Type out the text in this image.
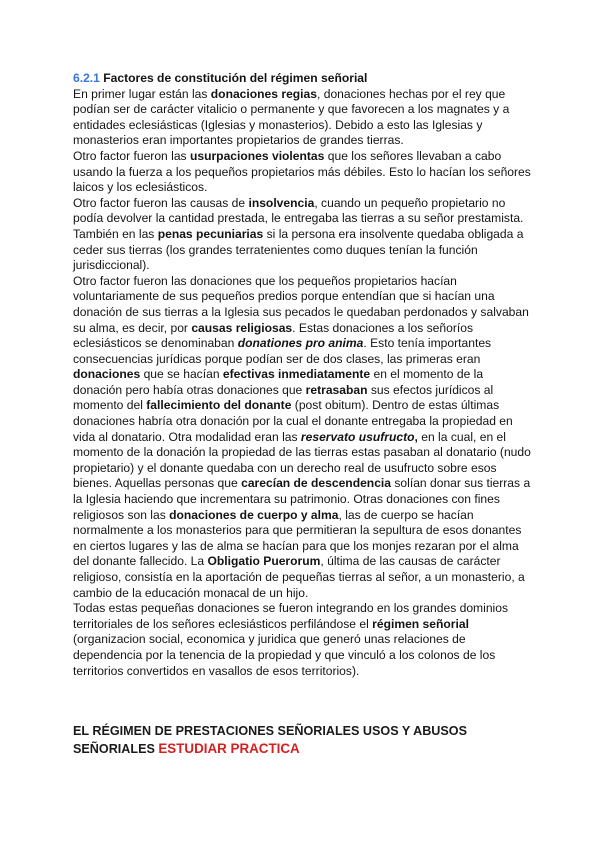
6.2.1 Factores de constitución del régimen señorial

En primer lugar están las donaciones regias, donaciones hechas por el rey que podían ser de carácter vitalicio o permanente y que favorecen a los magnates y a entidades eclesiásticas (Iglesias y monasterios). Debido a esto las Iglesias y monasterios eran importantes propietarios de grandes tierras.

Otro factor fueron las usurpaciones violentas que los señores llevaban a cabo usando la fuerza a los pequeños propietarios más débiles. Esto lo hacían los señores laicos y los eclesiásticos.

Otro factor fueron las causas de insolvencia, cuando un pequeño propietario no podía devolver la cantidad prestada, le entregaba las tierras a su señor prestamista. También en las penas pecuniarias si la persona era insolvente quedaba obligada a ceder sus tierras (los grandes terratenientes como duques tenían la función jurisdiccional).

Otro factor fueron las donaciones que los pequeños propietarios hacían voluntariamente de sus pequeños predios porque entendían que si hacían una donación de sus tierras a la Iglesia sus pecados le quedaban perdonados y salvaban su alma, es decir, por causas religiosas. Estas donaciones a los señoríos eclesiásticos se denominaban donationes pro anima. Esto tenía importantes consecuencias jurídicas porque podían ser de dos clases, las primeras eran donaciones que se hacían efectivas inmediatamente en el momento de la donación pero había otras donaciones que retrasaban sus efectos jurídicos al momento del fallecimiento del donante (post obitum). Dentro de estas últimas donaciones habría otra donación por la cual el donante entregaba la propiedad en vida al donatario. Otra modalidad eran las reservato usufructo, en la cual, en el momento de la donación la propiedad de las tierras estas pasaban al donatario (nudo propietario) y el donante quedaba con un derecho real de usufructo sobre esos bienes. Aquellas personas que carecían de descendencia solían donar sus tierras a la Iglesia haciendo que incrementara su patrimonio. Otras donaciones con fines religiosos son las donaciones de cuerpo y alma, las de cuerpo se hacían normalmente a los monasterios para que permitieran la sepultura de esos donantes en ciertos lugares y las de alma se hacían para que los monjes rezaran por el alma del donante fallecido. La Obligatio Puerorum, última de las causas de carácter religioso, consistía en la aportación de pequeñas tierras al señor, a un monasterio, a cambio de la educación monacal de un hijo.

Todas estas pequeñas donaciones se fueron integrando en los grandes dominios territoriales de los señores eclesiásticos perfilándose el régimen señorial (organizacion social, economica y juridica que generó unas relaciones de dependencia por la tenencia de la propiedad y que vinculó a los colonos de los territorios convertidos en vasallos de esos territorios).

EL RÉGIMEN DE PRESTACIONES SEÑORIALES USOS Y ABUSOS SEÑORIALES ESTUDIAR PRACTICA
